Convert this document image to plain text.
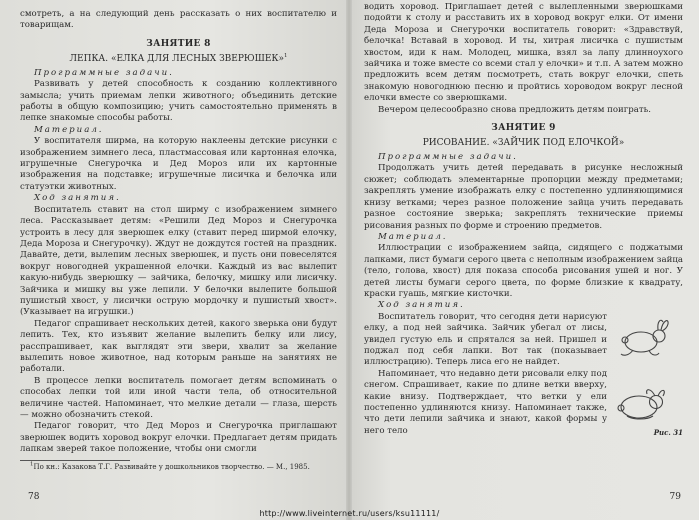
смотреть, а на следующий день рассказать о них воспитателю и товарищам.

ЗАНЯТИЕ 8
ЛЕПКА. «ЕЛКА ДЛЯ ЛЕСНЫХ ЗВЕРЮШЕК»$^1$

Программные задачи.

Развивать у детей способность к созданию коллективного замысла; учить приемам лепки животного; объединить детские работы в общую композицию; учить самостоятельно применять в лепке знакомые способы работы.

Материал.

У воспитателя ширма, на которую наклеены детские рисунки с изображением зимнего леса, пластмассовая или картонная елочка, игрушечные Снегурочка и Дед Мороз или их картонные изображения на подставке; игрушечные лисичка и белочка или статуэтки животных.

Ход занятия.

Воспитатель ставит на стол ширму с изображением зимнего леса. Рассказывает детям: «Решили Дед Мороз и Снегурочка устроить в лесу для зверюшек елку (ставит перед ширмой елочку, Деда Мороза и Снегурочку). Ждут не дождутся гостей на праздник. Давайте, дети, вылепим лесных зверюшек, и пусть они повеселятся вокруг новогодней украшенной елочки. Каждый из вас вылепит какую-нибудь зверюшку — зайчика, белочку, мишку или лисичку. Зайчика и мишку вы уже лепили. У белочки вылепите большой пушистый хвост, у лисички острую мордочку и пушистый хвост». (Указывает на игрушки.)

Педагог спрашивает нескольких детей, какого зверька они будут лепить. Тех, кто изъявит желание вылепить белку или лису, расспрашивает, как выглядят эти звери, хвалит за желание вылепить новое животное, над которым раньше на занятиях не работали.

В процессе лепки воспитатель помогает детям вспоминать о способах лепки той или иной части тела, об относительной величине частей. Напоминает, что мелкие детали — глаза, шерсть — можно обозначить стекой.

Педагог говорит, что Дед Мороз и Снегурочка приглашают зверюшек водить хоровод вокруг елочки. Предлагает детям придать лапкам зверей такое положение, чтобы они смогли

$^1$По кн.: Казакова Т.Г. Развивайте у дошкольников творчество. — М., 1985.

78

водить хоровод. Приглашает детей с вылепленными зверюшками подойти к столу и расставить их в хоровод вокруг елки. От имени Деда Мороза и Снегурочки воспитатель говорит: «Здравствуй, белочка! Вставай в хоровод. И ты, хитрая лисичка с пушистым хвостом, иди к нам. Молодец, мишка, взял за лапу длинноухого зайчика и тоже вместе со всеми стал у елочки» и т.п. А затем можно предложить всем детям посмотреть, стать вокруг елочки, спеть знакомую новогоднюю песню и пройтись хороводом вокруг лесной елочки вместе со зверюшками.

Вечером целесообразно снова предложить детям поиграть.

ЗАНЯТИЕ 9
РИСОВАНИЕ. «ЗАЙЧИК ПОД ЕЛОЧКОЙ»

Программные задачи.

Продолжать учить детей передавать в рисунке несложный сюжет; соблюдать элементарные пропорции между предметами; закреплять умение изображать елку с постепенно удлиняющимися книзу ветками; через разное положение зайца учить передавать разное состояние зверька; закреплять технические приемы рисования разных по форме и строению предметов.

Материал.

Иллюстрации с изображением зайца, сидящего с поджатыми лапками, лист бумаги серого цвета с неполным изображением зайца (тело, голова, хвост) для показа способа рисования ушей и ног. У детей листы бумаги серого цвета, по форме близкие к квадрату, краски гуашь, мягкие кисточки.

Ход занятия.

Воспитатель говорит, что сегодня дети нарисуют елку, а под ней зайчика. Зайчик убегал от лисы, увидел густую ель и спрятался за ней. Пришел и поджал под себя лапки. Вот так (показывает иллюстрацию). Теперь лиса его не найдет.

Напоминает, что недавно дети рисовали елку под снегом. Спрашивает, какие по длине ветки вверху, какие внизу. Подтверждает, что ветки у ели постепенно удлиняются книзу. Напоминает также, что дети лепили зайчика и знают, какой формы у него тело	Рис. 31
79
http://www.liveinternet.ru/users/ksu11111/
